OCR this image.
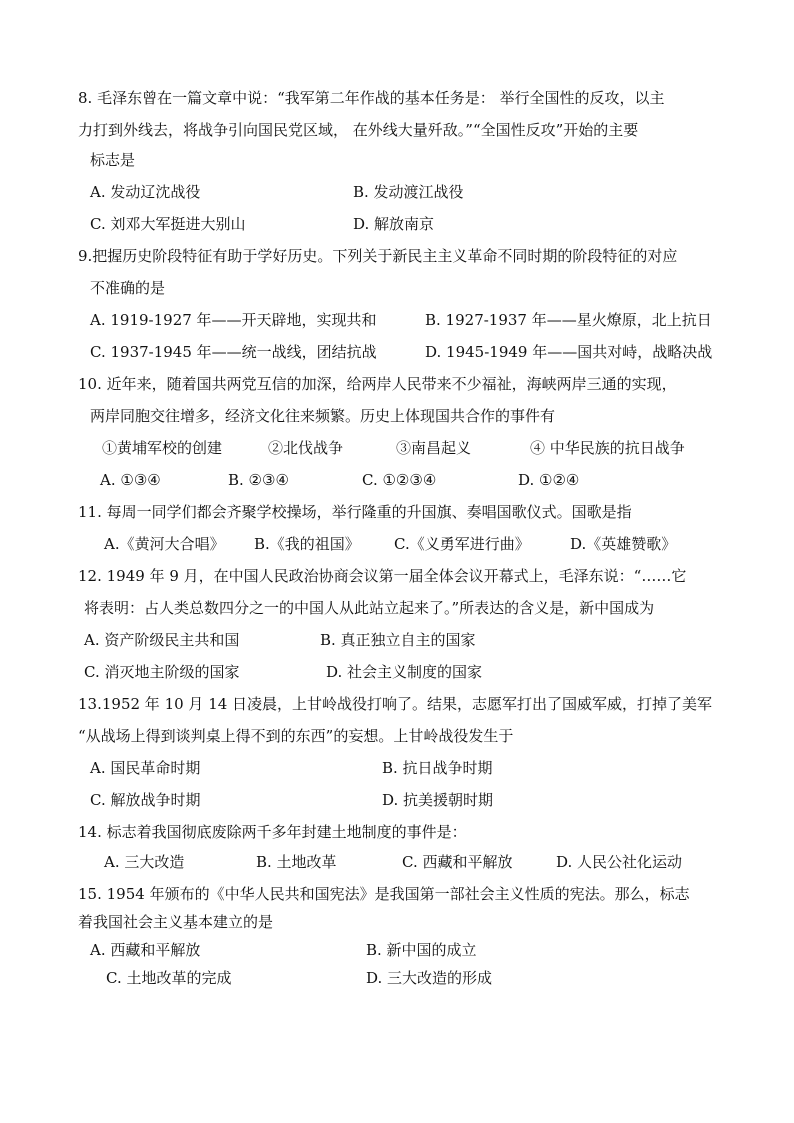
8. 毛泽东曾在一篇文章中说：“我军第二年作战的基本任务是： 举行全国性的反攻，以主
力打到外线去，将战争引向国民党区域， 在外线大量歼敌。”“全国性反攻”开始的主要
标志是
A. 发动辽沈战役	B. 发动渡江战役
C. 刘邓大军挺进大别山	D. 解放南京
9.把握历史阶段特征有助于学好历史。下列关于新民主主义革命不同时期的阶段特征的对应
不准确的是
A. 1919-1927 年——开天辟地，实现共和	B. 1927-1937 年——星火燎原，北上抗日
C. 1937-1945 年——统一战线，团结抗战	D. 1945-1949 年——国共对峙，战略决战
10. 近年来，随着国共两党互信的加深，给两岸人民带来不少福祉，海峡两岸三通的实现，
两岸同胞交往增多，经济文化往来频繁。历史上体现国共合作的事件有
①黄埔军校的创建	②北伐战争	③南昌起义	④ 中华民族的抗日战争
A. ①③④	B. ②③④	C. ①②③④	D. ①②④
11. 每周一同学们都会齐聚学校操场，举行隆重的升国旗、奏唱国歌仪式。国歌是指
A.《黄河大合唱》 B.《我的祖国》 C.《义勇军进行曲》	D.《英雄赞歌》
12. 1949 年 9 月，在中国人民政治协商会议第一届全体会议开幕式上，毛泽东说：“……它
将表明：占人类总数四分之一的中国人从此站立起来了。”所表达的含义是，新中国成为
A. 资产阶级民主共和国	B. 真正独立自主的国家
C. 消灭地主阶级的国家	D. 社会主义制度的国家
13.1952 年 10 月 14 日凌晨，上甘岭战役打响了。结果，志愿军打出了国威军威，打掉了美军
“从战场上得到谈判桌上得不到的东西”的妄想。上甘岭战役发生于
A. 国民革命时期	B. 抗日战争时期
C. 解放战争时期	D. 抗美援朝时期
14. 标志着我国彻底废除两千多年封建土地制度的事件是：
A. 三大改造	B. 土地改革	C. 西藏和平解放	D. 人民公社化运动
15. 1954 年颁布的《中华人民共和国宪法》是我国第一部社会主义性质的宪法。那么，标志
着我国社会主义基本建立的是
A. 西藏和平解放	B. 新中国的成立
C. 土地改革的完成	D. 三大改造的形成
